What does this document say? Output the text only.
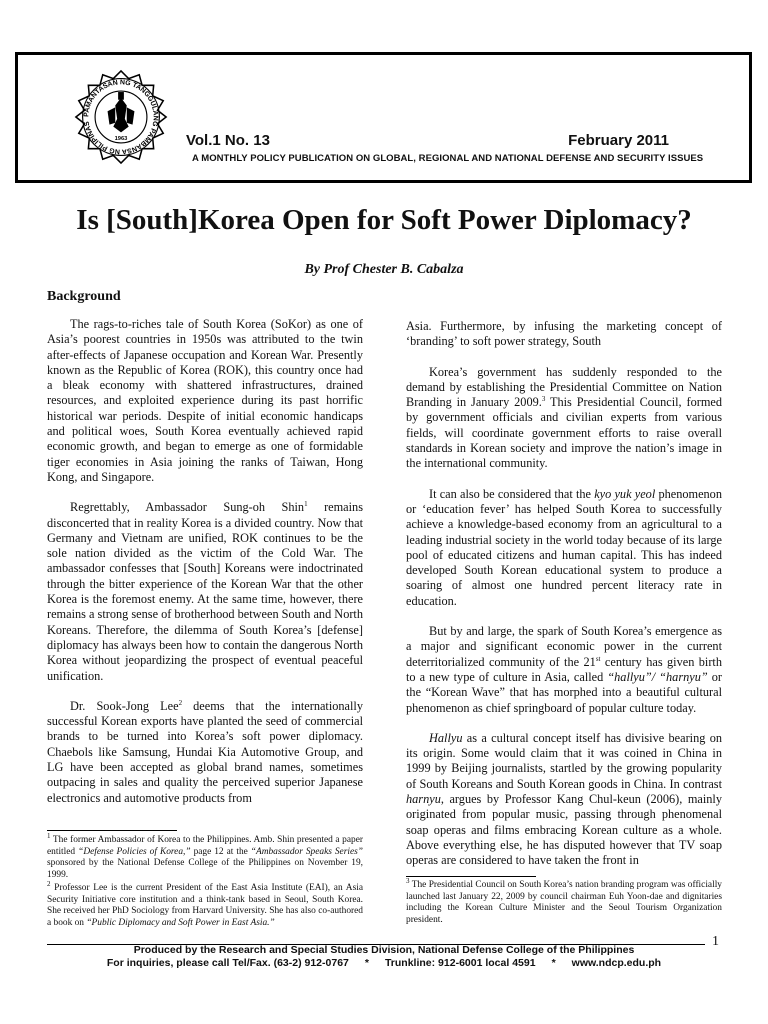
PAMANTASAN NG TANGGULANG PAMBANSA NG PILIPINAS
1963	Vol.1 No. 13	February 2011
A MONTHLY POLICY PUBLICATION ON GLOBAL, REGIONAL AND NATIONAL DEFENSE AND SECURITY ISSUES
Is [South]Korea Open for Soft Power Diplomacy?
By Prof Chester B. Cabalza
Background

The rags-to-riches tale of South Korea (SoKor) as one of Asia’s poorest countries in 1950s was attributed to the twin after-effects of Japanese occupation and Korean War. Presently known as the Republic of Korea (ROK), this country once had a bleak economy with shattered infrastructures, drained resources, and exploited experience during its past horrific historical war periods. Despite of initial economic handicaps and political woes, South Korea eventually achieved rapid economic growth, and began to emerge as one of formidable tiger economies in Asia joining the ranks of Taiwan, Hong Kong, and Singapore.

Regrettably, Ambassador Sung-oh Shin$^1$ remains disconcerted that in reality Korea is a divided country. Now that Germany and Vietnam are unified, ROK continues to be the sole nation divided as the victim of the Cold War. The ambassador confesses that [South] Koreans were indoctrinated through the bitter experience of the Korean War that the other Korea is the foremost enemy. At the same time, however, there remains a strong sense of brotherhood between South and North Koreans. Therefore, the dilemma of South Korea’s [defense] diplomacy has always been how to contain the dangerous North Korea without jeopardizing the prospect of eventual peaceful unification.

Dr. Sook-Jong Lee$^2$ deems that the internationally successful Korean exports have planted the seed of commercial brands to be turned into Korea’s soft power diplomacy. Chaebols like Samsung, Hundai Kia Automotive Group, and LG have been accepted as global brand names, sometimes outpacing in sales and quality the perceived superior Japanese electronics and automotive products from

Asia. Furthermore, by infusing the marketing concept of ‘branding’ to soft power strategy, South

Korea’s government has suddenly responded to the demand by establishing the Presidential Committee on Nation Branding in January 2009.$^3$ This Presidential Council, formed by government officials and civilian experts from various fields, will coordinate government efforts to raise overall standards in Korean society and improve the nation’s image in the international community.

It can also be considered that the kyo yuk yeol phenomenon or ‘education fever’ has helped South Korea to successfully achieve a knowledge-based economy from an agricultural to a leading industrial society in the world today because of its large pool of educated citizens and human capital. This has indeed developed South Korean educational system to produce a soaring of almost one hundred percent literacy rate in education.

But by and large, the spark of South Korea’s emergence as a major and significant economic power in the current deterritorialized community of the 21st century has given birth to a new type of culture in Asia, called “hallyu”/ “harnyu” or the “Korean Wave” that has morphed into a beautiful cultural phenomenon as chief springboard of popular culture today.

Hallyu as a cultural concept itself has divisive bearing on its origin. Some would claim that it was coined in China in 1999 by Beijing journalists, startled by the growing popularity of South Koreans and South Korean goods in China. In contrast harnyu, argues by Professor Kang Chul-keun (2006), mainly originated from popular music, passing through phenomenal soap operas and films embracing Korean culture as a whole. Above everything else, he has disputed however that TV soap operas are considered to have taken the front in

$^1$ The former Ambassador of Korea to the Philippines. Amb. Shin presented a paper entitled “Defense Policies of Korea,” page 12 at the “Ambassador Speaks Series” sponsored by the National Defense College of the Philippines on November 19, 1999.

$^2$ Professor Lee is the current President of the East Asia Institute (EAI), an Asia Security Initiative core institution and a think-tank based in Seoul, South Korea. She received her PhD Sociology from Harvard University. She has also co-authored a book on “Public Diplomacy and Soft Power in East Asia.”

$^3$ The Presidential Council on South Korea’s nation branding program was officially launched last January 22, 2009 by council chairman Euh Yoon-dae and dignitaries including the Korean Culture Minister and the Seoul Tourism Organization president.

1
Produced by the Research and Special Studies Division, National Defense College of the Philippines
For inquiries, please call Tel/Fax. (63-2) 912-0767 * Trunkline: 912-6001 local 4591 * www.ndcp.edu.ph
